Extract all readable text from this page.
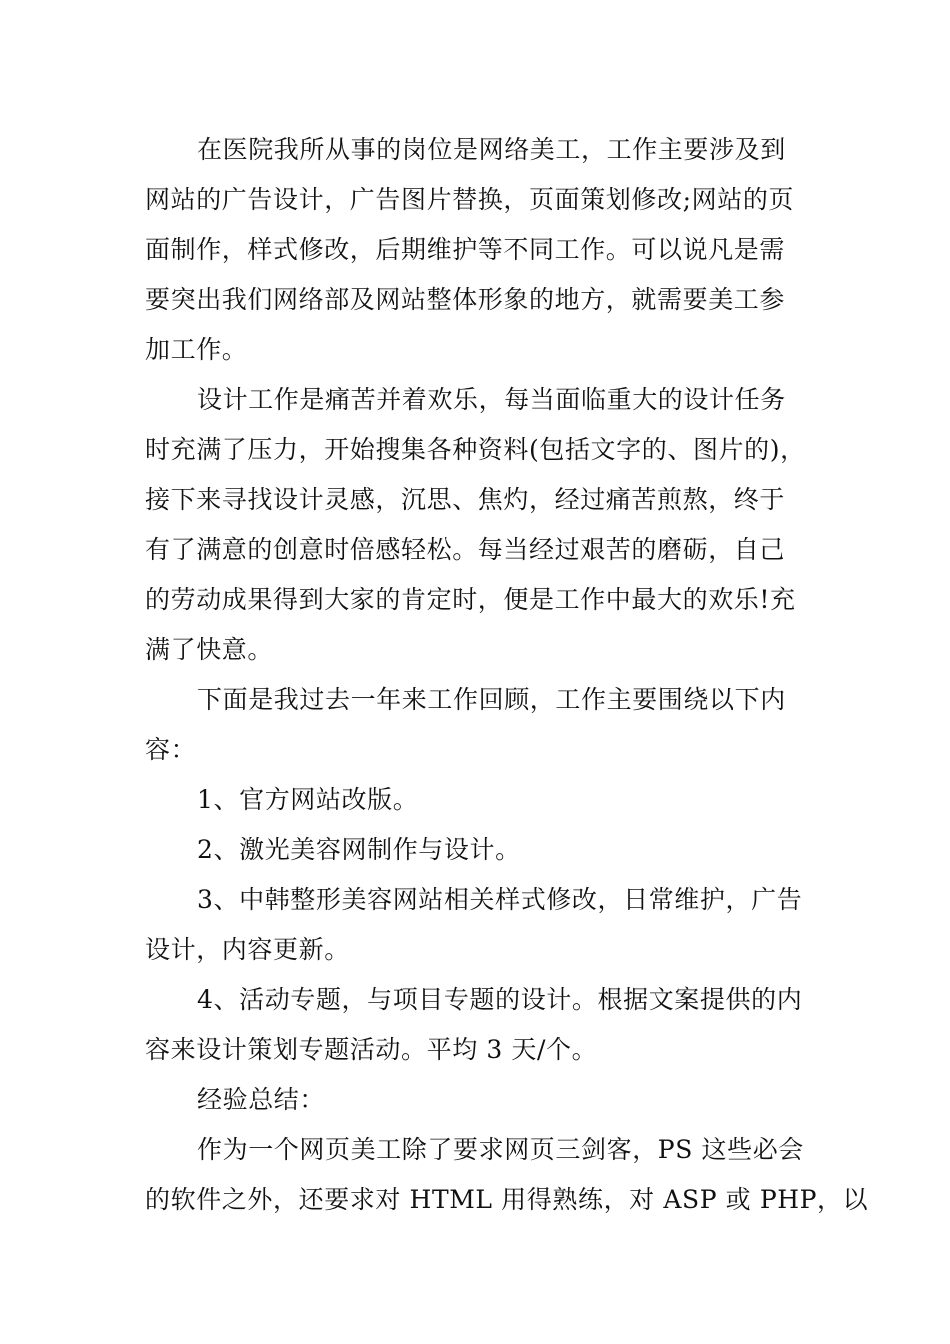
在医院我所从事的岗位是网络美工，工作主要涉及到
网站的广告设计，广告图片替换，页面策划修改;网站的页
面制作，样式修改，后期维护等不同工作。可以说凡是需
要突出我们网络部及网站整体形象的地方，就需要美工参
加工作。
设计工作是痛苦并着欢乐，每当面临重大的设计任务
时充满了压力，开始搜集各种资料(包括文字的、图片的)，
接下来寻找设计灵感，沉思、焦灼，经过痛苦煎熬，终于
有了满意的创意时倍感轻松。每当经过艰苦的磨砺，自己
的劳动成果得到大家的肯定时，便是工作中最大的欢乐!充
满了快意。
下面是我过去一年来工作回顾，工作主要围绕以下内
容：
1、官方网站改版。
2、激光美容网制作与设计。
3、中韩整形美容网站相关样式修改，日常维护，广告
设计，内容更新。
4、活动专题，与项目专题的设计。根据文案提供的内
容来设计策划专题活动。平均 3 天/个。
经验总结：
作为一个网页美工除了要求网页三剑客，PS 这些必会
的软件之外，还要求对 HTML 用得熟练，对 ASP 或 PHP，以
